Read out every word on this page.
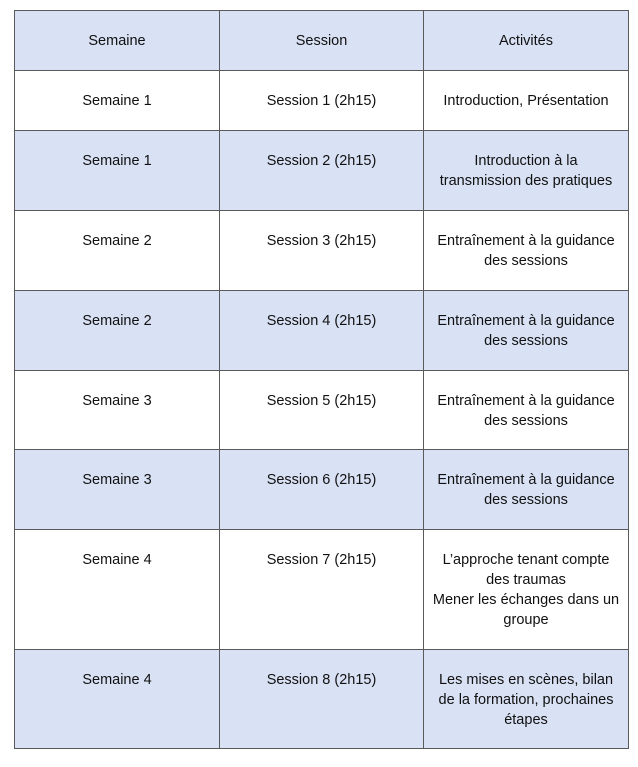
Semaine	Session	Activités
Semaine 1	Session 1 (2h15)	Introduction, Présentation
Semaine 1	Session 2 (2h15)	Introduction à la
transmission des pratiques
Semaine 2	Session 3 (2h15)	Entraînement à la guidance
des sessions
Semaine 2	Session 4 (2h15)	Entraînement à la guidance
des sessions
Semaine 3	Session 5 (2h15)	Entraînement à la guidance
des sessions
Semaine 3	Session 6 (2h15)	Entraînement à la guidance
des sessions
Semaine 4	Session 7 (2h15)	L’approche tenant compte
des traumas
Mener les échanges dans un
groupe
Semaine 4	Session 8 (2h15)	Les mises en scènes, bilan
de la formation, prochaines
étapes
